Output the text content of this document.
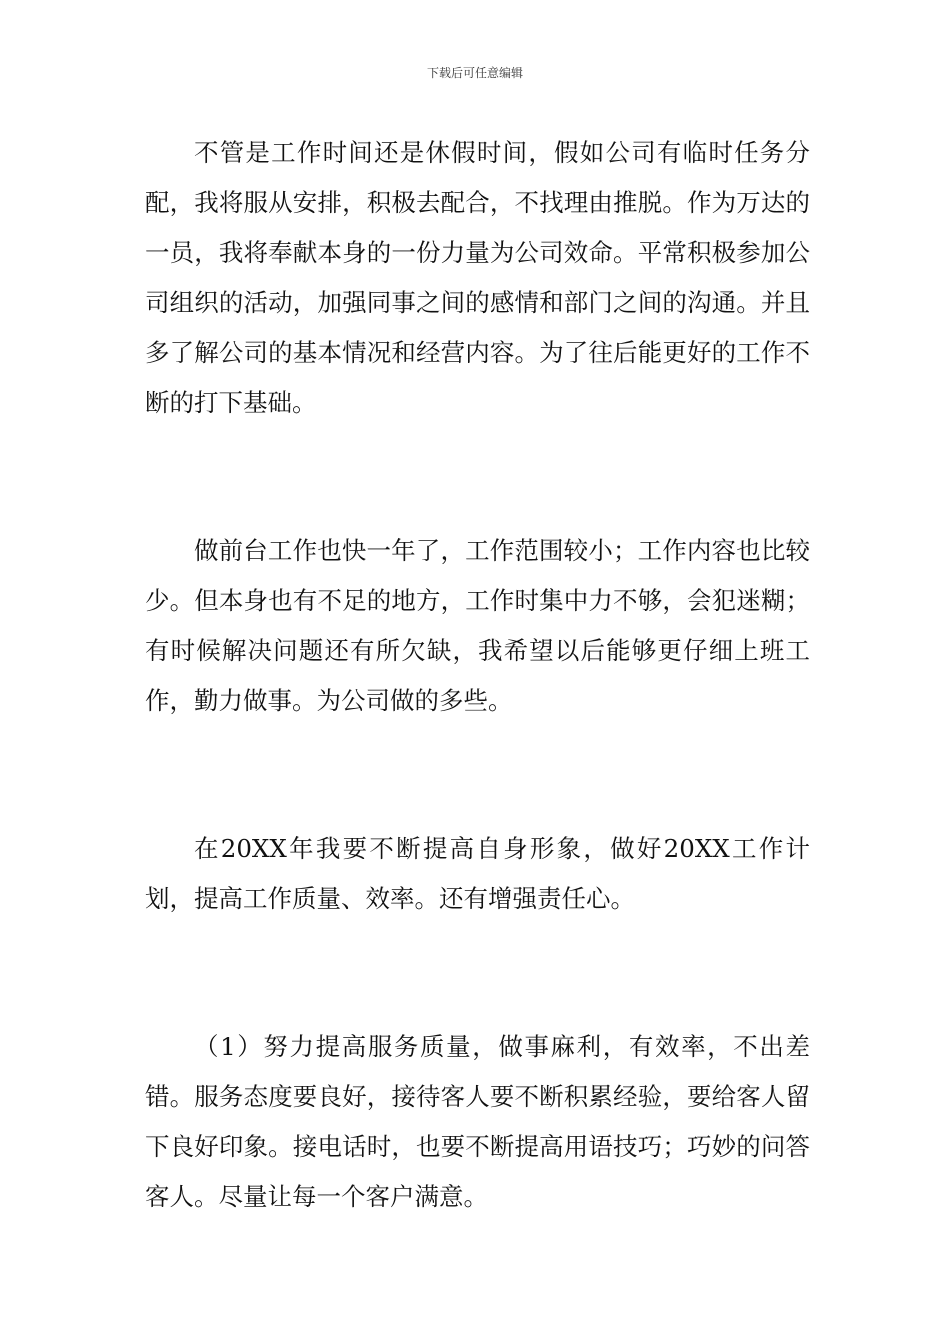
下载后可任意编辑

不管是工作时间还是休假时间，假如公司有临时任务分配，我将服从安排，积极去配合，不找理由推脱。作为万达的一员，我将奉献本身的一份力量为公司效命。平常积极参加公司组织的活动，加强同事之间的感情和部门之间的沟通。并且多了解公司的基本情况和经营内容。为了往后能更好的工作不断的打下基础。

做前台工作也快一年了，工作范围较小；工作内容也比较少。但本身也有不足的地方，工作时集中力不够，会犯迷糊；有时候解决问题还有所欠缺，我希望以后能够更仔细上班工作，勤力做事。为公司做的多些。

在20XX年我要不断提高自身形象，做好20XX工作计划，提高工作质量、效率。还有增强责任心。

（1）努力提高服务质量，做事麻利，有效率，不出差错。服务态度要良好，接待客人要不断积累经验，要给客人留下良好印象。接电话时，也要不断提高用语技巧；巧妙的问答客人。尽量让每一个客户满意。
